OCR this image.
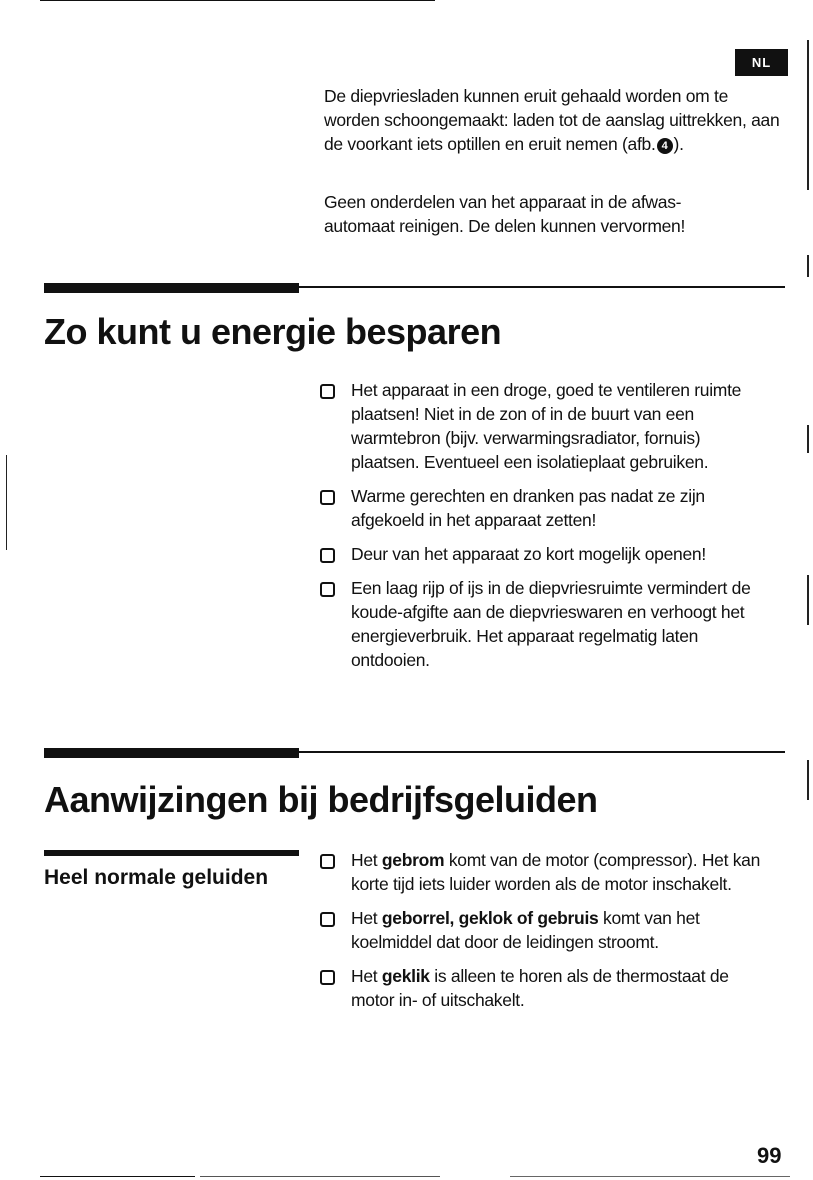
NL
De diepvriesladen kunnen eruit gehaald worden om te worden schoongemaakt: laden tot de aanslag uittrekken, aan de voorkant iets optillen en eruit nemen (afb. 4 ).
Geen onderdelen van het apparaat in de afwas-automaat reinigen. De delen kunnen vervormen!
Zo kunt u energie besparen
Het apparaat in een droge, goed te ventileren ruimte plaatsen! Niet in de zon of in de buurt van een warmtebron (bijv. verwarmingsradiator, fornuis) plaatsen. Eventueel een isolatieplaat gebruiken.
Warme gerechten en dranken pas nadat ze zijn afgekoeld in het apparaat zetten!
Deur van het apparaat zo kort mogelijk openen!
Een laag rijp of ijs in de diepvriesruimte vermindert de koude-afgifte aan de diepvrieswaren en verhoogt het energieverbruik. Het apparaat regelmatig laten ontdooien.
Aanwijzingen bij bedrijfsgeluiden
Heel normale geluiden
Het gebrom komt van de motor (compressor). Het kan korte tijd iets luider worden als de motor inschakelt.
Het geborrel, geklok of gebruis komt van het koelmiddel dat door de leidingen stroomt.
Het geklik is alleen te horen als de thermostaat de motor in- of uitschakelt.
99
